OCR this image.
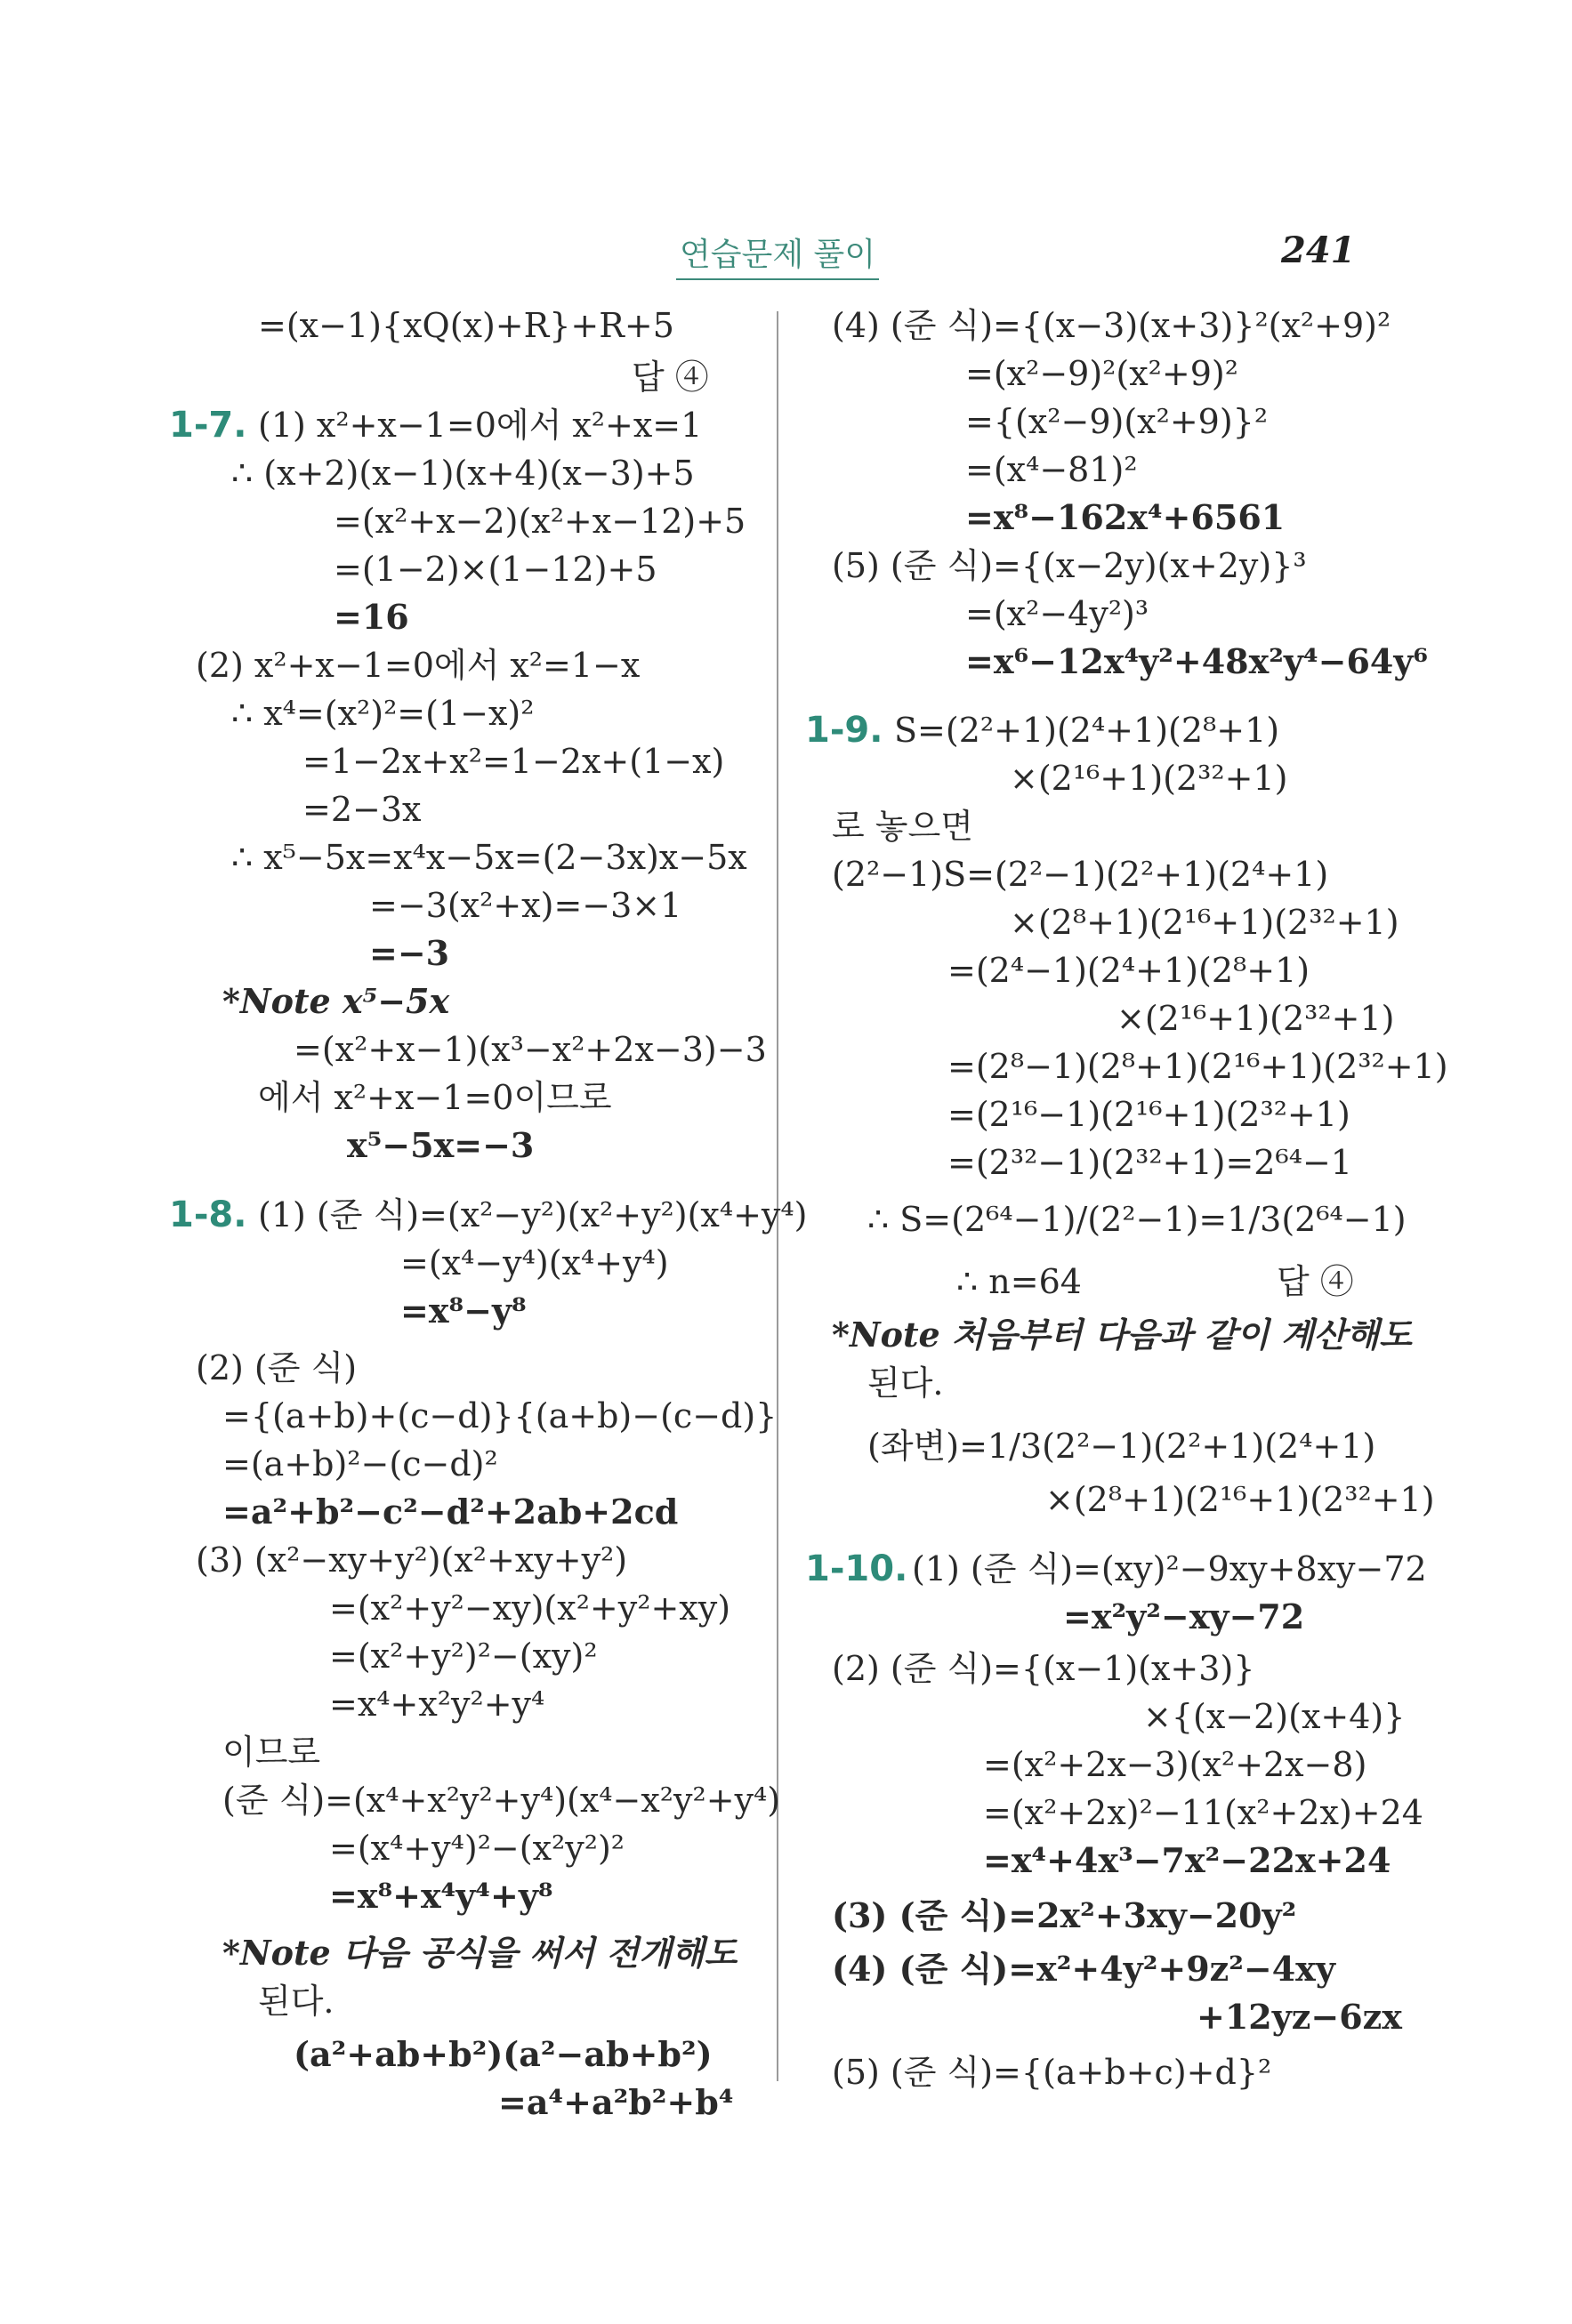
연습문제 풀이	241
=(x−1){xQ(x)+R}+R+5
답 ④
1-7. (1) x²+x−1=0에서 x²+x=1
∴ (x+2)(x−1)(x+4)(x−3)+5
=(x²+x−2)(x²+x−12)+5
=(1−2)×(1−12)+5
=16
(2) x²+x−1=0에서 x²=1−x
∴ x⁴=(x²)²=(1−x)²
=1−2x+x²=1−2x+(1−x)
=2−3x
∴ x⁵−5x=x⁴x−5x=(2−3x)x−5x
=−3(x²+x)=−3×1
=−3
*Note x⁵−5x
=(x²+x−1)(x³−x²+2x−3)−3
에서 x²+x−1=0이므로
x⁵−5x=−3
1-8. (1) (준 식)=(x²−y²)(x²+y²)(x⁴+y⁴)
=(x⁴−y⁴)(x⁴+y⁴)
=x⁸−y⁸
(2) (준 식)
={(a+b)+(c−d)}{(a+b)−(c−d)}
=(a+b)²−(c−d)²
=a²+b²−c²−d²+2ab+2cd
(3) (x²−xy+y²)(x²+xy+y²)
=(x²+y²−xy)(x²+y²+xy)
=(x²+y²)²−(xy)²
=x⁴+x²y²+y⁴
이므로
(준 식)=(x⁴+x²y²+y⁴)(x⁴−x²y²+y⁴)
=(x⁴+y⁴)²−(x²y²)²
=x⁸+x⁴y⁴+y⁸
*Note 다음 공식을 써서 전개해도
된다.
(a²+ab+b²)(a²−ab+b²)
=a⁴+a²b²+b⁴
(4) (준 식)={(x−3)(x+3)}²(x²+9)²
=(x²−9)²(x²+9)²
={(x²−9)(x²+9)}²
=(x⁴−81)²
=x⁸−162x⁴+6561
(5) (준 식)={(x−2y)(x+2y)}³
=(x²−4y²)³
=x⁶−12x⁴y²+48x²y⁴−64y⁶
1-9. S=(2²+1)(2⁴+1)(2⁸+1)
×(2¹⁶+1)(2³²+1)
로 놓으면
(2²−1)S=(2²−1)(2²+1)(2⁴+1)
×(2⁸+1)(2¹⁶+1)(2³²+1)
=(2⁴−1)(2⁴+1)(2⁸+1)
×(2¹⁶+1)(2³²+1)
=(2⁸−1)(2⁸+1)(2¹⁶+1)(2³²+1)
=(2¹⁶−1)(2¹⁶+1)(2³²+1)
=(2³²−1)(2³²+1)=2⁶⁴−1
∴ S=(2⁶⁴−1)/(2²−1)=1/3(2⁶⁴−1)
∴ n=64	답 ④
*Note 처음부터 다음과 같이 계산해도
된다.
(좌변)=1/3(2²−1)(2²+1)(2⁴+1)
×(2⁸+1)(2¹⁶+1)(2³²+1)
1-10. (1) (준 식)=(xy)²−9xy+8xy−72
=x²y²−xy−72
(2) (준 식)={(x−1)(x+3)}
×{(x−2)(x+4)}
=(x²+2x−3)(x²+2x−8)
=(x²+2x)²−11(x²+2x)+24
=x⁴+4x³−7x²−22x+24
(3) (준 식)=2x²+3xy−20y²
(4) (준 식)=x²+4y²+9z²−4xy
+12yz−6zx
(5) (준 식)={(a+b+c)+d}²
